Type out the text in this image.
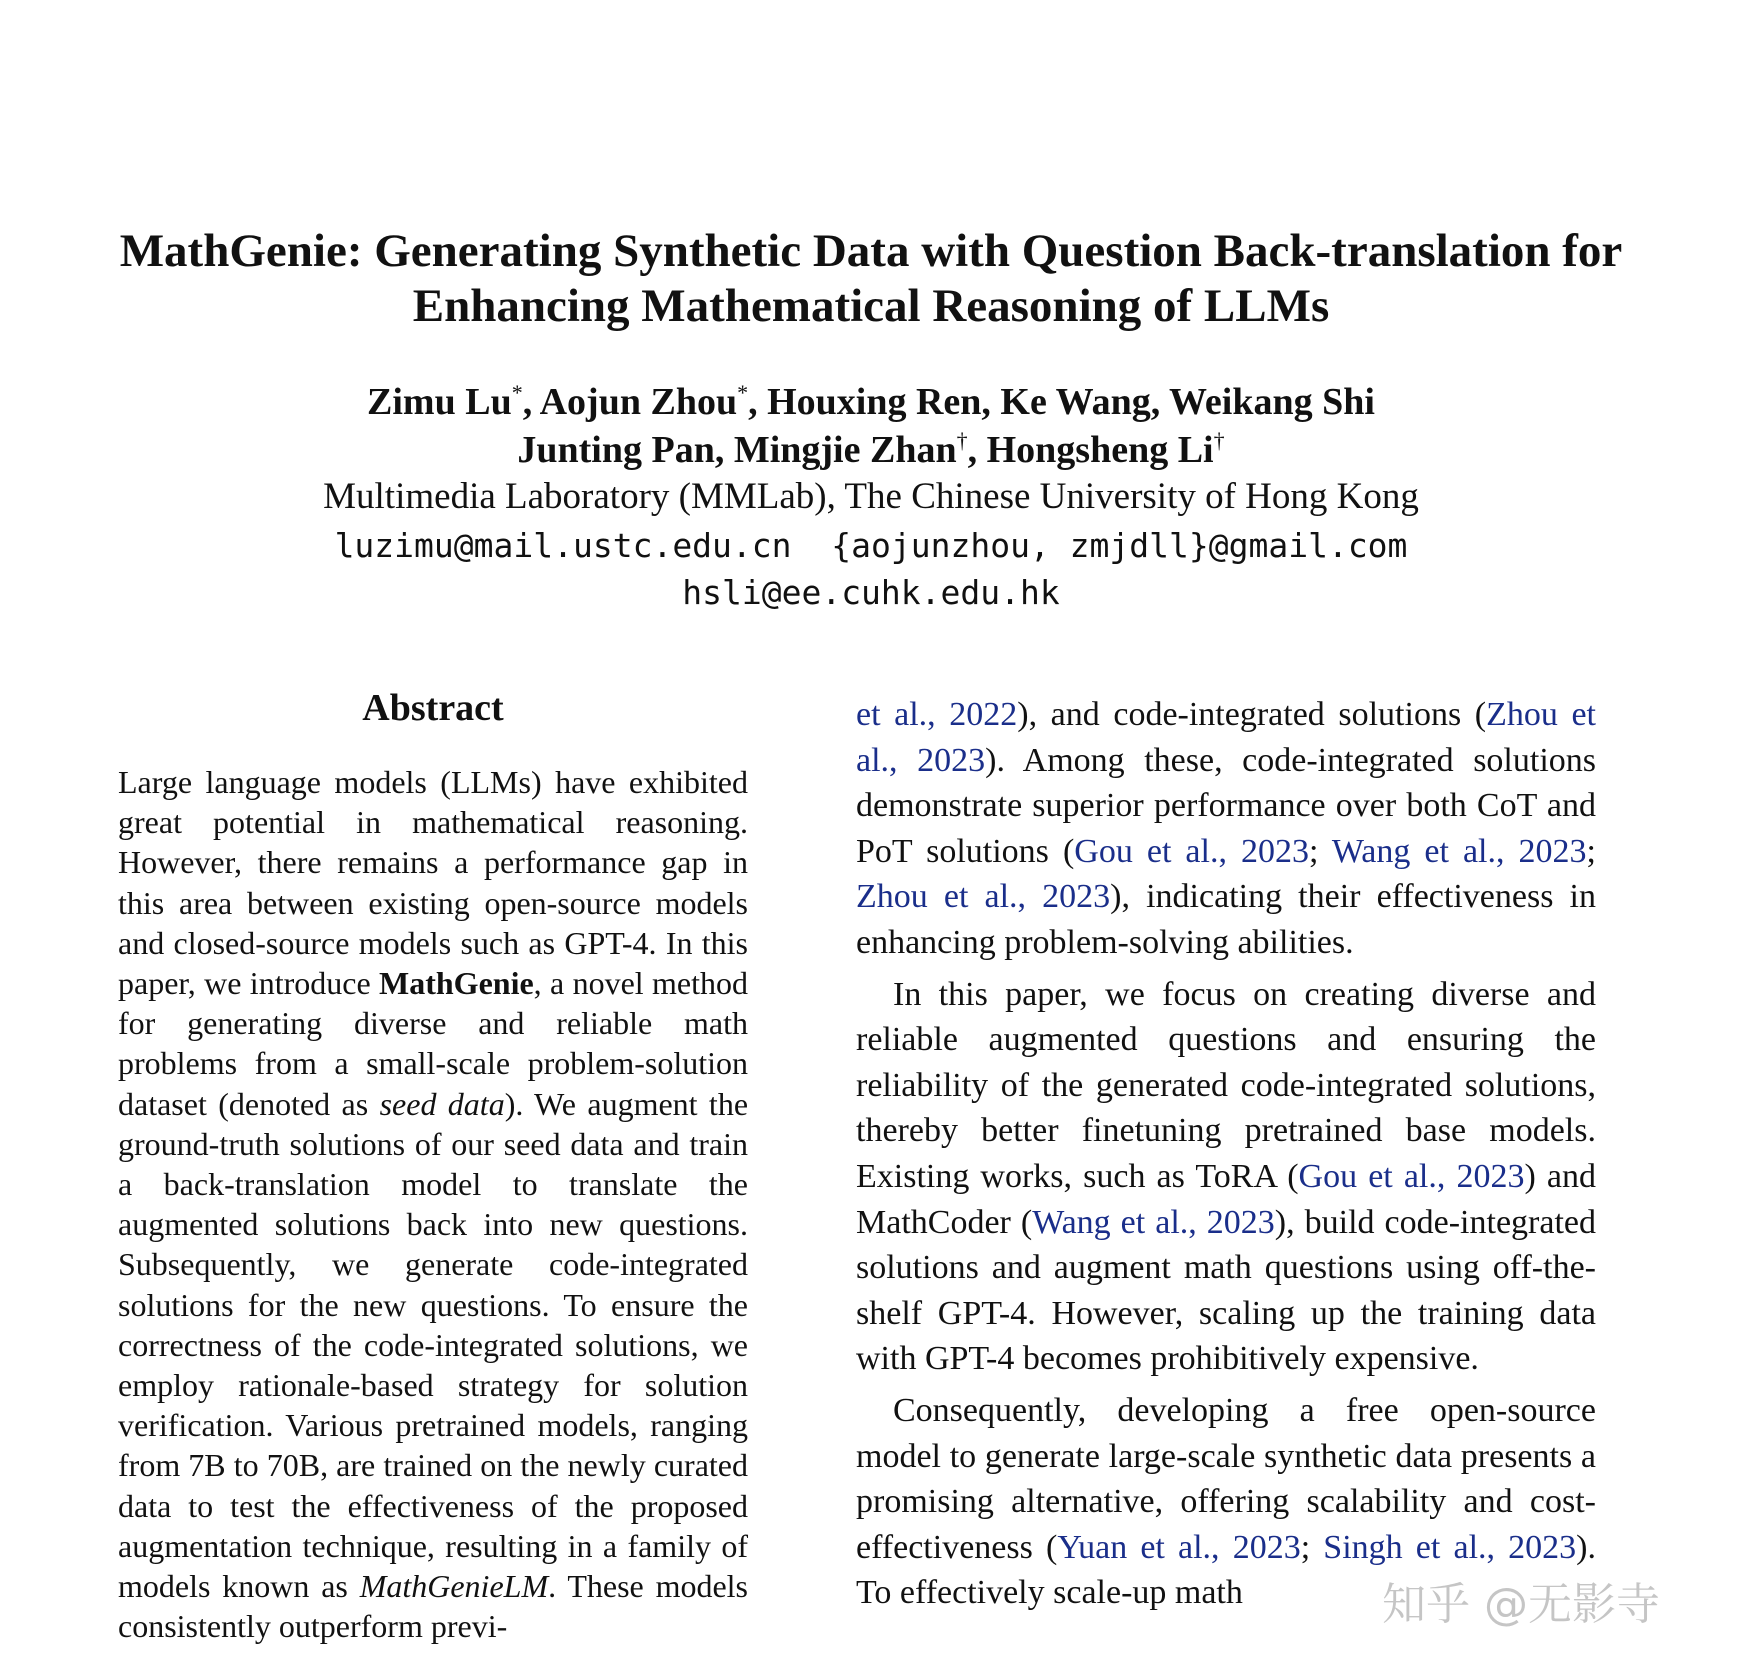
MathGenie: Generating Synthetic Data with Question Back-translation for
Enhancing Mathematical Reasoning of LLMs
Zimu Lu*, Aojun Zhou*, Houxing Ren, Ke Wang, Weikang Shi
Junting Pan, Mingjie Zhan†, Hongsheng Li†
Multimedia Laboratory (MMLab), The Chinese University of Hong Kong
luzimu@mail.ustc.edu.cn  {aojunzhou, zmjdll}@gmail.com
hsli@ee.cuhk.edu.hk
Abstract

Large language models (LLMs) have exhibited great potential in mathematical reasoning. However, there remains a performance gap in this area between existing open-source models and closed-source models such as GPT-4. In this paper, we introduce MathGenie, a novel method for generating diverse and reliable math problems from a small-scale problem-solution dataset (denoted as seed data). We augment the ground-truth solutions of our seed data and train a back-translation model to translate the augmented solutions back into new questions. Subsequently, we generate code-integrated solutions for the new questions. To ensure the correctness of the code-integrated solutions, we employ rationale-based strategy for solution verification. Various pretrained models, ranging from 7B to 70B, are trained on the newly curated data to test the effectiveness of the proposed augmentation technique, resulting in a family of models known as MathGenieLM. These models consistently outperform previ-

et al., 2022), and code-integrated solutions (Zhou et al., 2023). Among these, code-integrated solutions demonstrate superior performance over both CoT and PoT solutions (Gou et al., 2023; Wang et al., 2023; Zhou et al., 2023), indicating their effectiveness in enhancing problem-solving abilities.

In this paper, we focus on creating diverse and reliable augmented questions and ensuring the reliability of the generated code-integrated solutions, thereby better finetuning pretrained base models. Existing works, such as ToRA (Gou et al., 2023) and MathCoder (Wang et al., 2023), build code-integrated solutions and augment math questions using off-the-shelf GPT-4. However, scaling up the training data with GPT-4 becomes prohibitively expensive.

Consequently, developing a free open-source model to generate large-scale synthetic data presents a promising alternative, offering scalability and cost-effectiveness (Yuan et al., 2023; Singh et al., 2023). To effectively scale-up math	知乎 @无影寺
